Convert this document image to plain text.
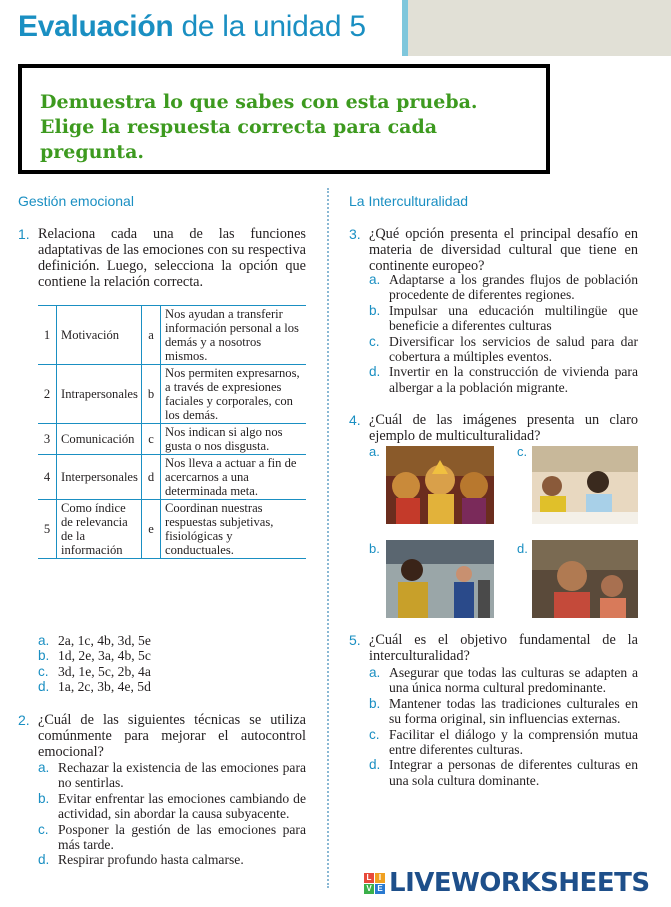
Evaluación de la unidad 5
Demuestra lo que sabes con esta prueba.
Elige la respuesta correcta para cada
pregunta.
Gestión emocional
1. Relaciona cada una de las funciones adaptativas de las emociones con su respectiva definición. Luego, selecciona la opción que contiene la relación correcta.
1	Motivación	a	Nos ayudan a transferir información personal a los demás y a nosotros mismos.
2	Intrapersonales	b	Nos permiten expresarnos, a través de expresiones faciales y corporales, con los demás.
3	Comunicación	c	Nos indican si algo nos gusta o nos disgusta.
4	Interpersonales	d	Nos lleva a actuar a fin de acercarnos a una determinada meta.
5	Como índice de relevancia de la información	e	Coordinan nuestras respuestas subjetivas, fisiológicas y conductuales.
a. 2a, 1c, 4b, 3d, 5e
b. 1d, 2e, 3a, 4b, 5c
c. 3d, 1e, 5c, 2b, 4a
d. 1a, 2c, 3b, 4e, 5d
2. ¿Cuál de las siguientes técnicas se utiliza comúnmente para mejorar el autocontrol emocional?
a. Rechazar la existencia de las emociones para no sentirlas.
b. Evitar enfrentar las emociones cambiando de actividad, sin abordar la causa subyacente.
c. Posponer la gestión de las emociones para más tarde.
d. Respirar profundo hasta calmarse.
La Interculturalidad
3. ¿Qué opción presenta el principal desafío en materia de diversidad cultural que tiene en continente europeo?
a. Adaptarse a los grandes flujos de población procedente de diferentes regiones.
b. Impulsar una educación multilingüe que beneficie a diferentes culturas
c. Diversificar los servicios de salud para dar cobertura a múltiples eventos.
d. Invertir en la construcción de vivienda para albergar a la población migrante.
4. ¿Cuál de las imágenes presenta un claro ejemplo de multiculturalidad?
a.	c.
b.	d.
5. ¿Cuál es el objetivo fundamental de la interculturalidad?
a. Asegurar que todas las culturas se adapten a una única norma cultural predominante.
b. Mantener todas las tradiciones culturales en su forma original, sin influencias externas.
c. Facilitar el diálogo y la comprensión mutua entre diferentes culturas.
d. Integrar a personas de diferentes culturas en una sola cultura dominante.
L I
V E LIVEWORKSHEETS
